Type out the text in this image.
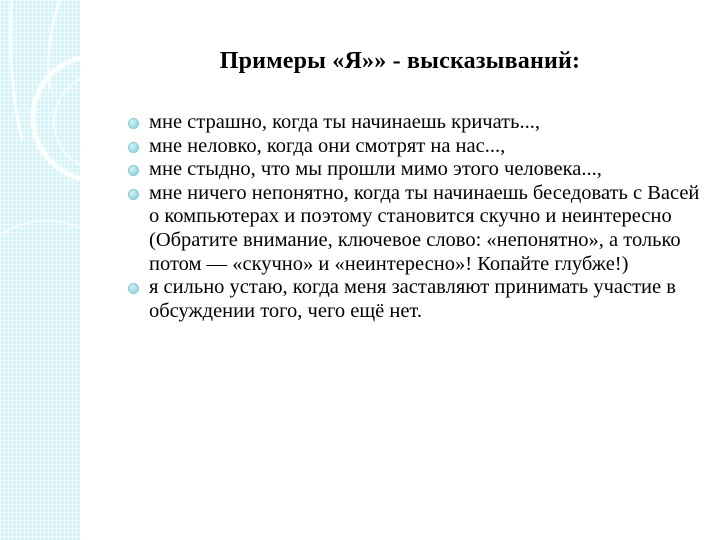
Примеры «Я»» - высказываний:
мне страшно, когда ты начинаешь кричать...,
мне неловко, когда они смотрят на нас...,
мне стыдно, что мы прошли мимо этого человека...,
мне ничего непонятно, когда ты начинаешь беседовать с Васей о компьютерах и поэтому становится скучно и неинтересно (Обратите внимание, ключевое слово: «непонятно», а только потом — «скучно» и «неинтересно»! Копайте глубже!)
я сильно устаю, когда меня заставляют принимать участие в обсуждении того, чего ещё нет.
